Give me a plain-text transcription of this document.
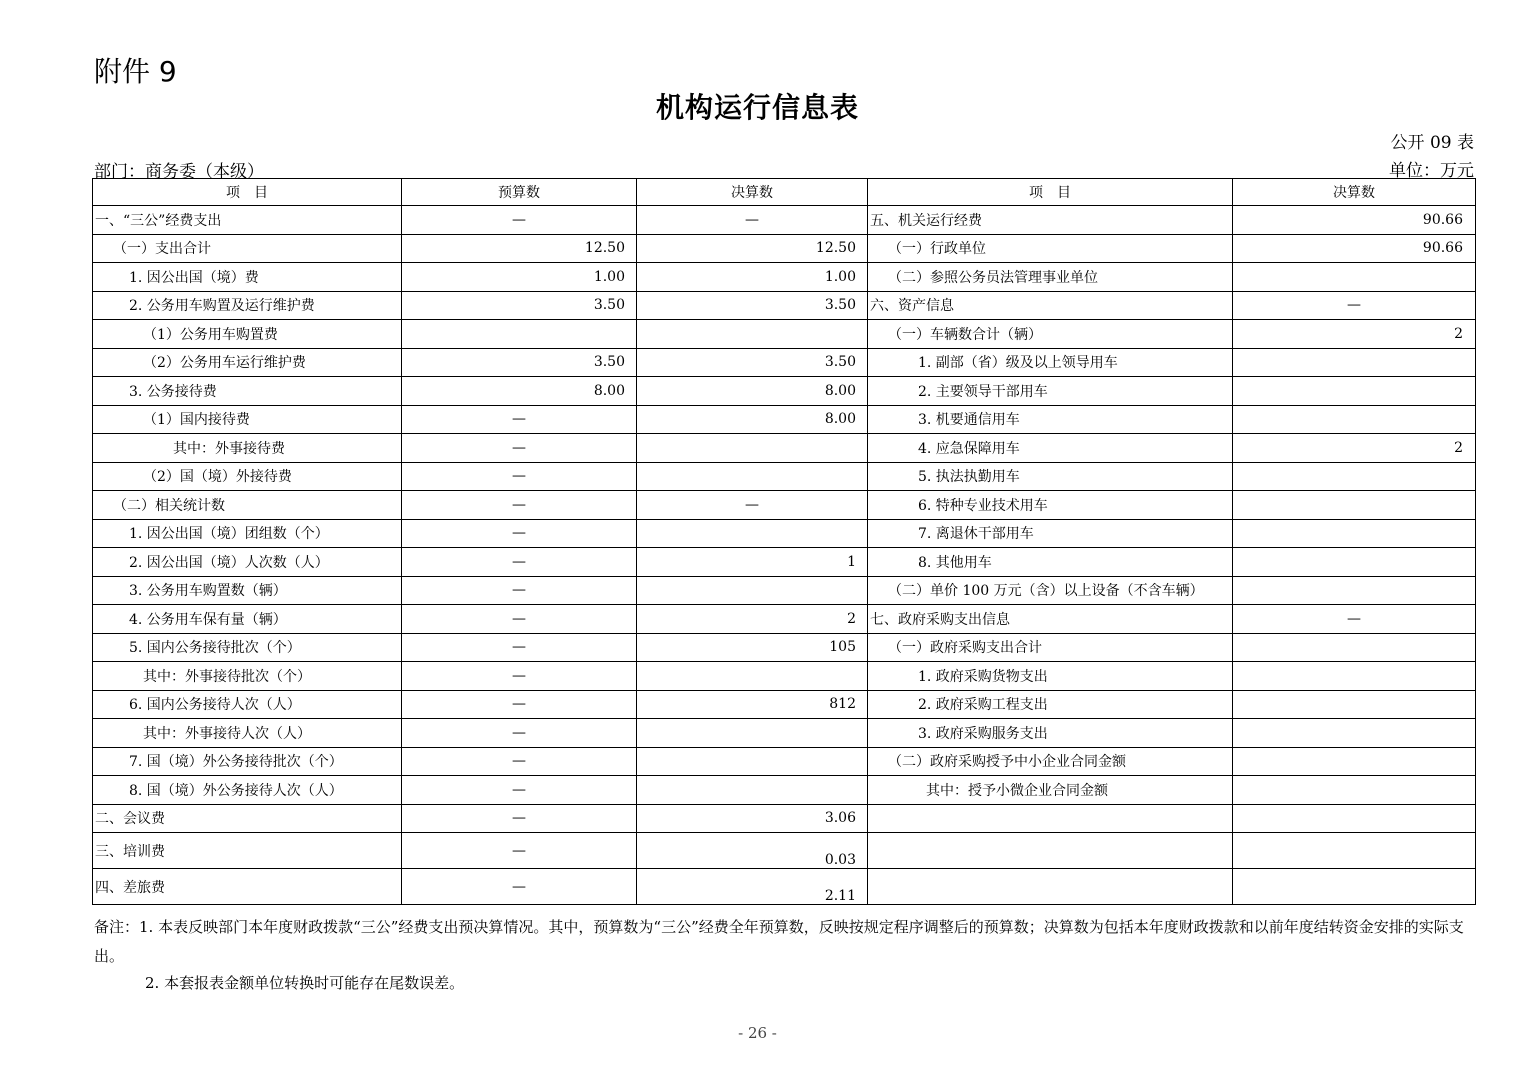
附件 9
机构运行信息表
公开 09 表
部门：商务委（本级）	单位：万元
项　目	预算数	决算数	项　目	决算数
一、“三公”经费支出	—	—	五、机关运行经费	90.66
（一）支出合计	12.50	12.50	（一）行政单位	90.66
1. 因公出国（境）费	1.00	1.00	（二）参照公务员法管理事业单位	
2. 公务用车购置及运行维护费	3.50	3.50	六、资产信息	—
（1）公务用车购置费			（一）车辆数合计（辆）	2
（2）公务用车运行维护费	3.50	3.50	1. 副部（省）级及以上领导用车	
3. 公务接待费	8.00	8.00	2. 主要领导干部用车	
（1）国内接待费	—	8.00	3. 机要通信用车	
其中：外事接待费	—		4. 应急保障用车	2
（2）国（境）外接待费	—		5. 执法执勤用车	
（二）相关统计数	—	—	6. 特种专业技术用车	
1. 因公出国（境）团组数（个）	—		7. 离退休干部用车	
2. 因公出国（境）人次数（人）	—	1	8. 其他用车	
3. 公务用车购置数（辆）	—		（二）单价 100 万元（含）以上设备（不含车辆）	
4. 公务用车保有量（辆）	—	2	七、政府采购支出信息	—
5. 国内公务接待批次（个）	—	105	（一）政府采购支出合计	
其中：外事接待批次（个）	—		1. 政府采购货物支出	
6. 国内公务接待人次（人）	—	812	2. 政府采购工程支出	
其中：外事接待人次（人）	—		3. 政府采购服务支出	
7. 国（境）外公务接待批次（个）	—		（二）政府采购授予中小企业合同金额	
8. 国（境）外公务接待人次（人）	—		其中：授予小微企业合同金额	
二、会议费	—	3.06		
三、培训费	—	0.03		
四、差旅费	—	2.11		
备注：1. 本表反映部门本年度财政拨款“三公”经费支出预决算情况。其中，预算数为“三公”经费全年预算数，反映按规定程序调整后的预算数；决算数为包括本年度财政拨款和以前年度结转资金安排的实际支出。
2. 本套报表金额单位转换时可能存在尾数误差。
- 26 -
